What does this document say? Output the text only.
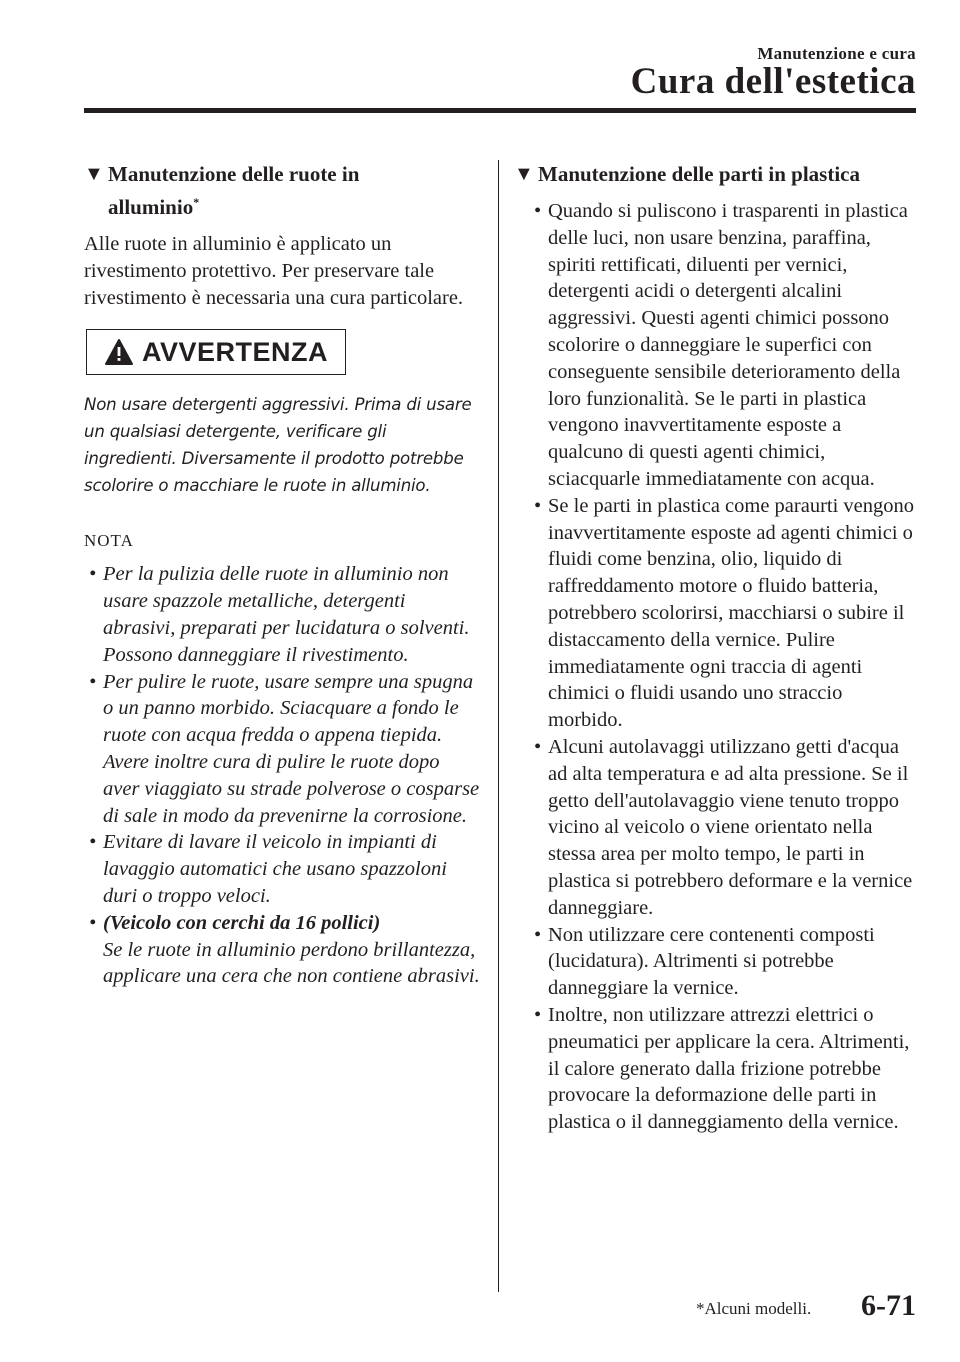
Manutenzione e cura
Cura dell'estetica
▼ Manutenzione delle ruote in
alluminio*

Alle ruote in alluminio è applicato un rivestimento protettivo. Per preservare tale rivestimento è necessaria una cura particolare.

AVVERTENZA

Non usare detergenti aggressivi. Prima di usare un qualsiasi detergente, verificare gli ingredienti. Diversamente il prodotto potrebbe scolorire o macchiare le ruote in alluminio.

NOTA
• Per la pulizia delle ruote in alluminio non usare spazzole metalliche, detergenti abrasivi, preparati per lucidatura o solventi. Possono danneggiare il rivestimento.
• Per pulire le ruote, usare sempre una spugna o un panno morbido. Sciacquare a fondo le ruote con acqua fredda o appena tiepida. Avere inoltre cura di pulire le ruote dopo aver viaggiato su strade polverose o cosparse di sale in modo da prevenirne la corrosione.
• Evitare di lavare il veicolo in impianti di lavaggio automatici che usano spazzoloni duri o troppo veloci.
• (Veicolo con cerchi da 16 pollici)
Se le ruote in alluminio perdono brillantezza, applicare una cera che non contiene abrasivi.
▼ Manutenzione delle parti in plastica
• Quando si puliscono i trasparenti in plastica delle luci, non usare benzina, paraffina, spiriti rettificati, diluenti per vernici, detergenti acidi o detergenti alcalini aggressivi. Questi agenti chimici possono scolorire o danneggiare le superfici con conseguente sensibile deterioramento della loro funzionalità. Se le parti in plastica vengono inavvertitamente esposte a qualcuno di questi agenti chimici, sciacquarle immediatamente con acqua.
• Se le parti in plastica come paraurti vengono inavvertitamente esposte ad agenti chimici o fluidi come benzina, olio, liquido di raffreddamento motore o fluido batteria, potrebbero scolorirsi, macchiarsi o subire il distaccamento della vernice. Pulire immediatamente ogni traccia di agenti chimici o fluidi usando uno straccio morbido.
• Alcuni autolavaggi utilizzano getti d'acqua ad alta temperatura e ad alta pressione. Se il getto dell'autolavaggio viene tenuto troppo vicino al veicolo o viene orientato nella stessa area per molto tempo, le parti in plastica si potrebbero deformare e la vernice danneggiare.
• Non utilizzare cere contenenti composti (lucidatura). Altrimenti si potrebbe danneggiare la vernice.
• Inoltre, non utilizzare attrezzi elettrici o pneumatici per applicare la cera. Altrimenti, il calore generato dalla frizione potrebbe provocare la deformazione delle parti in plastica o il danneggiamento della vernice.
*Alcuni modelli. 6-71
